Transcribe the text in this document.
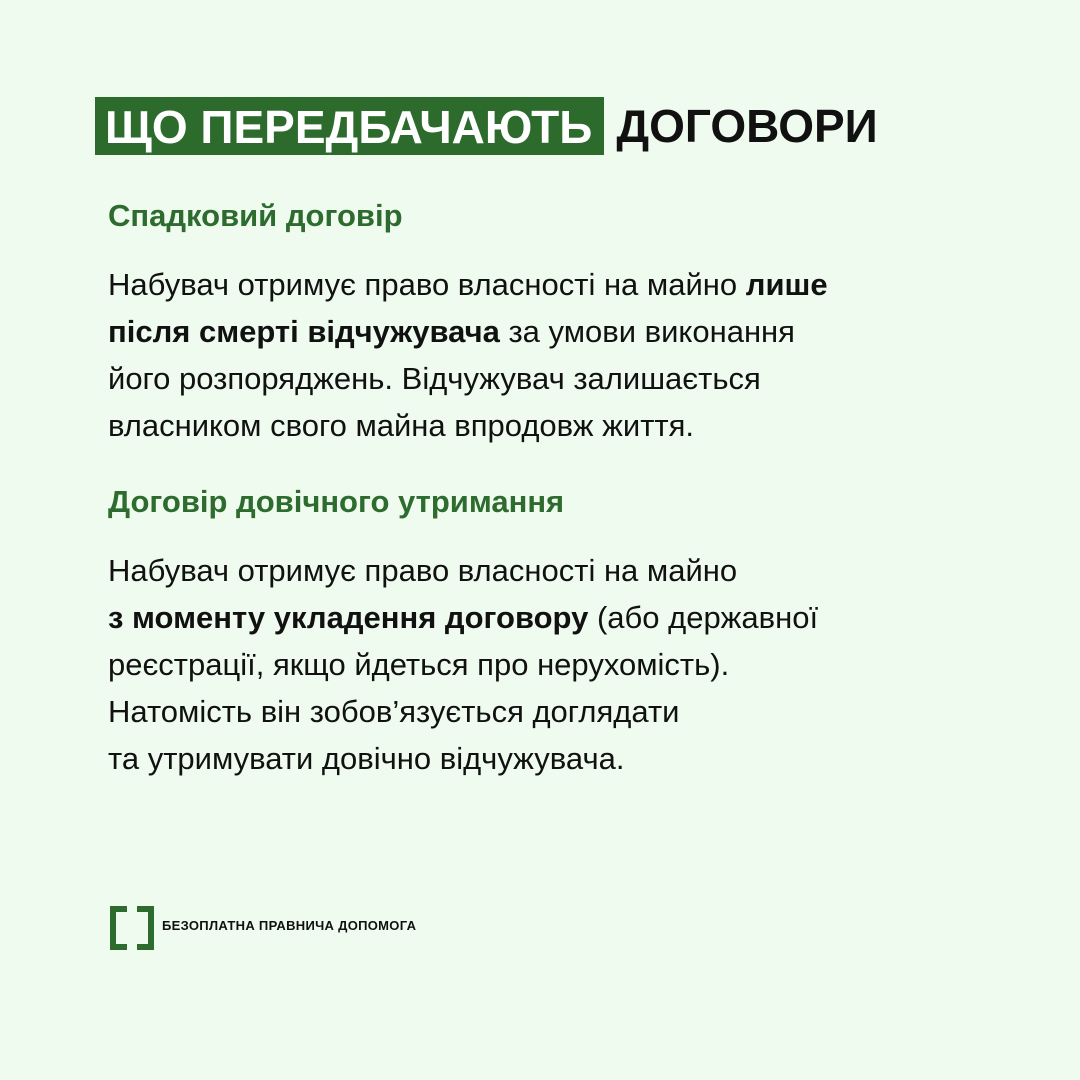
ЩО ПЕРЕДБАЧАЮТЬ ДОГОВОРИ
Спадковий договір
Набувач отримує право власності на майно лише
після смерті відчужувача за умови виконання
його розпоряджень. Відчужувач залишається
власником свого майна впродовж життя.
Договір довічного утримання
Набувач отримує право власності на майно
з моменту укладення договору (або державної
реєстрації, якщо йдеться про нерухомість).
Натомість він зобов’язується доглядати
та утримувати довічно відчужувача.
БЕЗОПЛАТНА ПРАВНИЧА ДОПОМОГА
